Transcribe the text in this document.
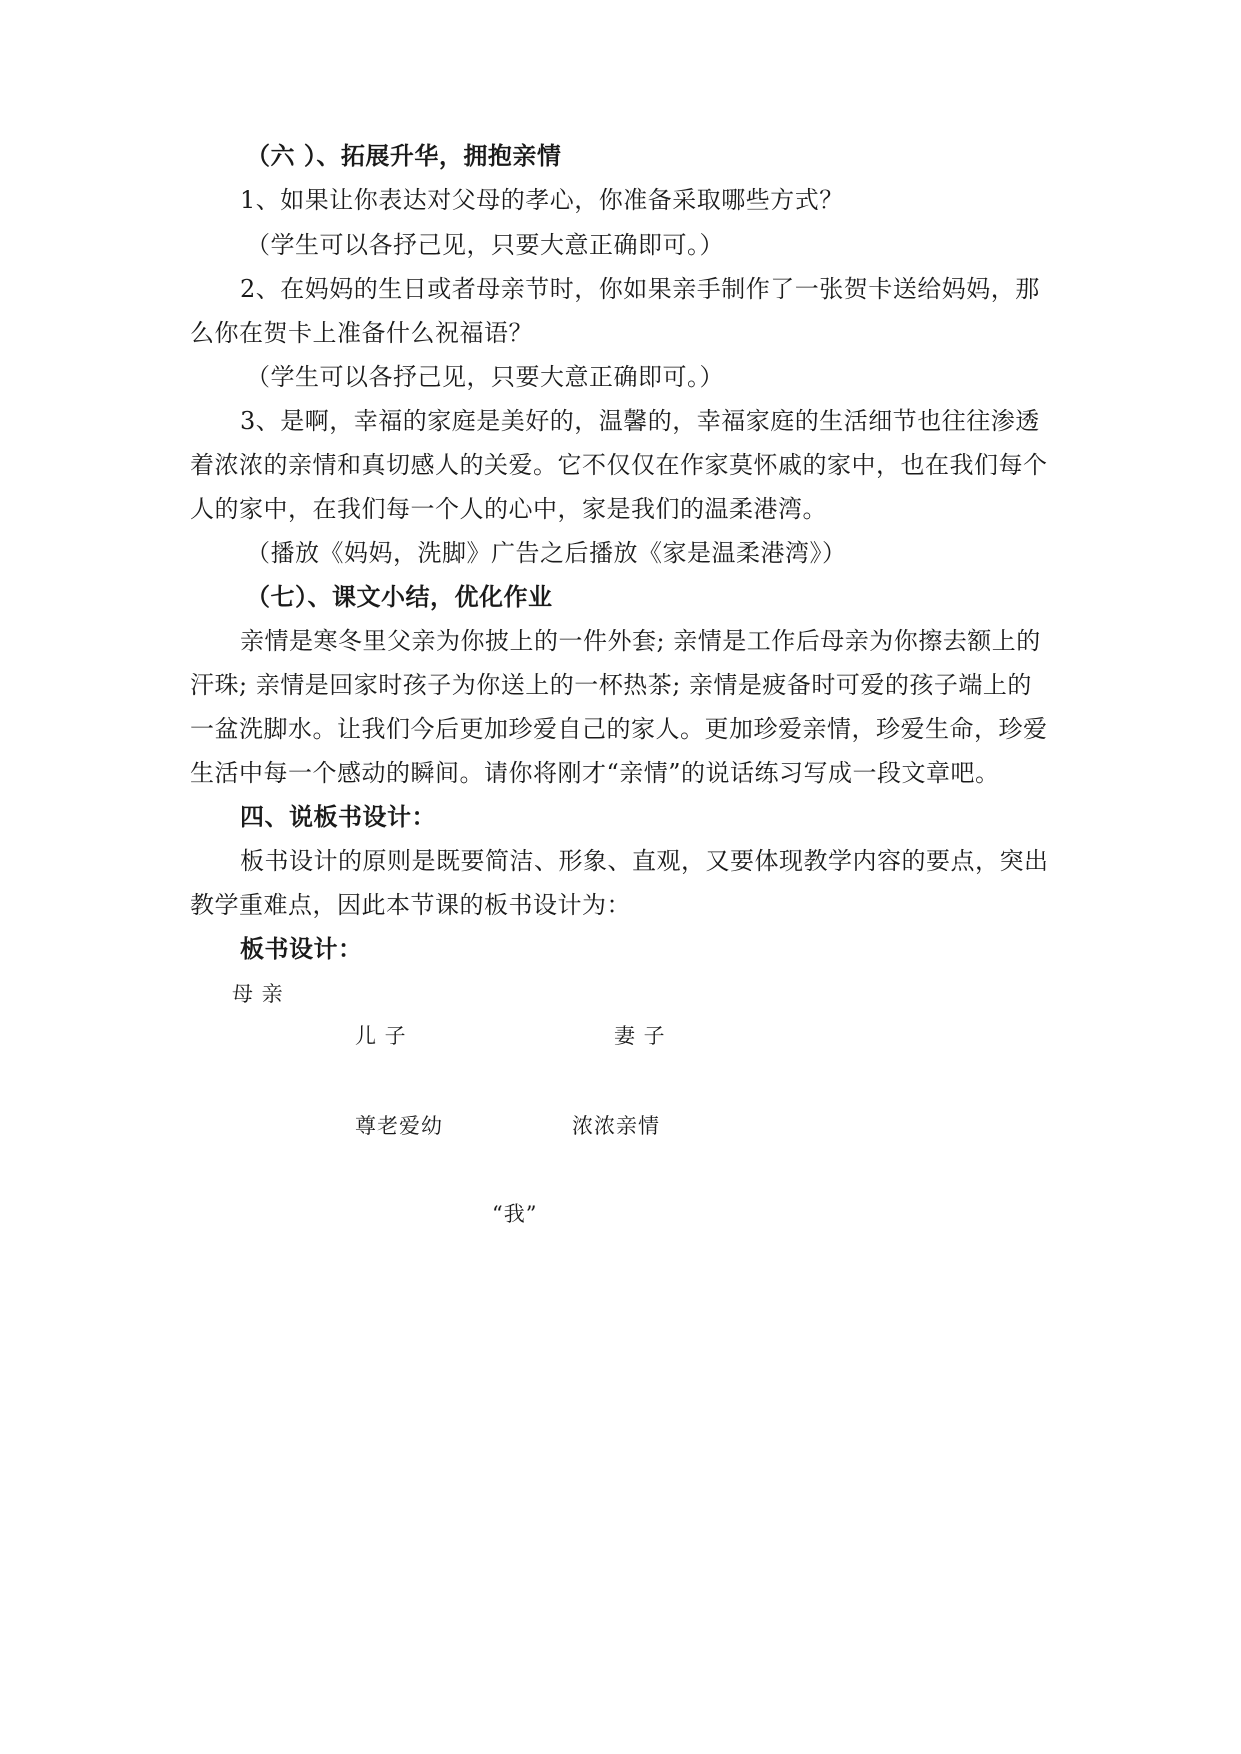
（六 ）、拓展升华，拥抱亲情
1、如果让你表达对父母的孝心，你准备采取哪些方式？
（学生可以各抒己见，只要大意正确即可。）
2、在妈妈的生日或者母亲节时，你如果亲手制作了一张贺卡送给妈妈，那
么你在贺卡上准备什么祝福语？
（学生可以各抒己见，只要大意正确即可。）
3、是啊，幸福的家庭是美好的，温馨的，幸福家庭的生活细节也往往渗透
着浓浓的亲情和真切感人的关爱。它不仅仅在作家莫怀戚的家中，也在我们每个
人的家中，在我们每一个人的心中，家是我们的温柔港湾。
（播放《妈妈，洗脚》广告之后播放《家是温柔港湾》）
（七）、课文小结，优化作业
亲情是寒冬里父亲为你披上的一件外套; 亲情是工作后母亲为你擦去额上的
汗珠; 亲情是回家时孩子为你送上的一杯热茶; 亲情是疲备时可爱的孩子端上的
一盆洗脚水。让我们今后更加珍爱自己的家人。更加珍爱亲情，珍爱生命，珍爱
生活中每一个感动的瞬间。请你将刚才“亲情”的说话练习写成一段文章吧。
四、说板书设计：
板书设计的原则是既要简洁、形象、直观，又要体现教学内容的要点，突出
教学重难点，因此本节课的板书设计为：
板书设计：
母 亲
儿 子	妻 子
尊老爱幼	浓浓亲情
“我”
